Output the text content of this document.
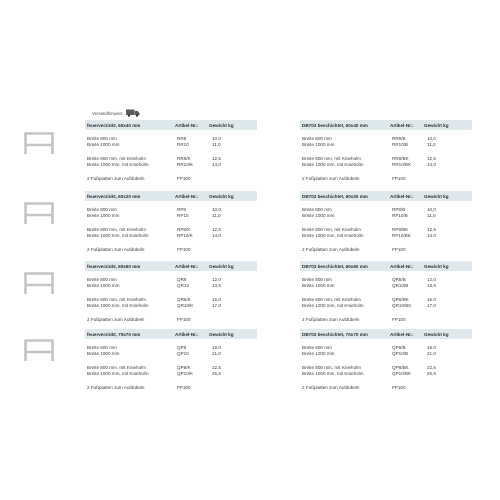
Versandhinweis:
feuerverzinkt, 60x40 mm	Artikel-Nr.:	Gewicht kg
Breite 800 mm	RR8	10,0
Breite 1000 mm	RR10	11,0
Breite 800 mm, mit Knieholm	RR8/K	12,5
Breite 1000 mm, mit Knieholm	RR10/K	14,0
2 Fußplatten zum Aufdübeln	FP100
DB703 beschichtet, 60x40 mm	Artikel-Nr.:	Gewicht kg
Breite 800 mm	RR8/B	10,0
Breite 1000 mm	RR10/B	11,0
Breite 800 mm, mit Knieholm	RR8/BK	12,5
Breite 1000 mm, mit Knieholm	RR10/BK	14,0
2 Fußplatten zum Aufdübeln	FP100
feuerverzinkt, 60x20 mm	Artikel-Nr.:	Gewicht kg
Breite 800 mm	RP8	10,0
Breite 1000 mm	RP10	11,0
Breite 800 mm, mit Knieholm	RP8/K	12,5
Breite 1000 mm, mit Knieholm	RP10/K	14,0
2 Fußplatten zum Aufdübeln	FP100
DB703 beschichtet, 60x20 mm	Artikel-Nr.:	Gewicht kg
Breite 800 mm	RP8/B	10,0
Breite 1000 mm	RP10/B	11,0
Breite 800 mm, mit Knieholm	RP8/BK	12,5
Breite 1000 mm, mit Knieholm	RP10/BK	14,0
2 Fußplatten zum Aufdübeln	FP100
feuerverzinkt, 60x60 mm	Artikel-Nr.:	Gewicht kg
Breite 800 mm	QR8	12,0
Breite 1000 mm	QR10	13,5
Breite 800 mm, mit Knieholm	QR8/K	15,0
Breite 1000 mm, mit Knieholm	QR10/K	17,0
2 Fußplatten zum Aufdübeln	FP100
DB703 beschichtet, 60x60 mm	Artikel-Nr.:	Gewicht kg
Breite 800 mm	QR8/B	12,0
Breite 1000 mm	QR10/B	13,5
Breite 800 mm, mit Knieholm	QR8/BK	15,0
Breite 1000 mm, mit Knieholm	QR10/BK	17,0
2 Fußplatten zum Aufdübeln	FP100
feuerverzinkt, 70x70 mm	Artikel-Nr.:	Gewicht kg
Breite 800 mm	QP8	19,0
Breite 1000 mm	QP10	21,0
Breite 800 mm, mit Knieholm	QP8/K	22,5
Breite 1000 mm, mit Knieholm	QP10/K	25,5
2 Fußplatten zum Aufdübeln	FP100
DB703 beschichtet, 70x70 mm	Artikel-Nr.:	Gewicht kg
Breite 800 mm	QP8/B	19,0
Breite 1000 mm	QP10/B	21,0
Breite 800 mm, mit Knieholm	QP8/BK	22,5
Breite 1000 mm, mit Knieholm	QP10/BK	25,5
2 Fußplatten zum Aufdübeln	FP100
